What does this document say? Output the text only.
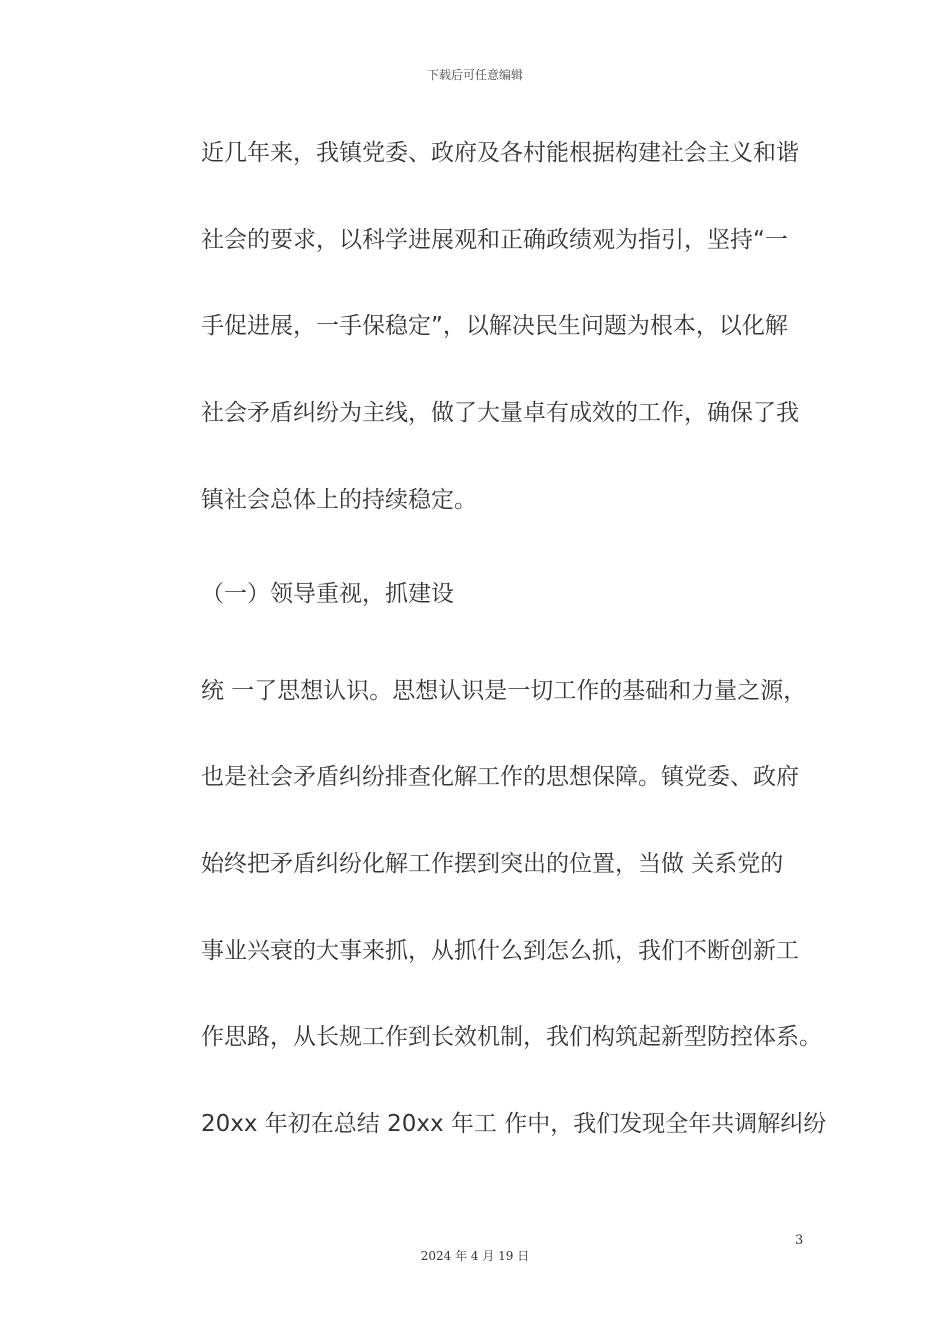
下载后可任意编辑
近几年来，我镇党委、政府及各村能根据构建社会主义和谐
社会的要求，以科学进展观和正确政绩观为指引，坚持“一
手促进展，一手保稳定”，以解决民生问题为根本，以化解
社会矛盾纠纷为主线，做了大量卓有成效的工作，确保了我
镇社会总体上的持续稳定。
（一）领导重视，抓建设
统 一了思想认识。思想认识是一切工作的基础和力量之源，
也是社会矛盾纠纷排查化解工作的思想保障。镇党委、政府
始终把矛盾纠纷化解工作摆到突出的位置，当做 关系党的
事业兴衰的大事来抓，从抓什么到怎么抓，我们不断创新工
作思路，从长规工作到长效机制，我们构筑起新型防控体系。
20xx 年初在总结 20xx 年工 作中，我们发现全年共调解纠纷
3
2024 年 4 月 19 日
